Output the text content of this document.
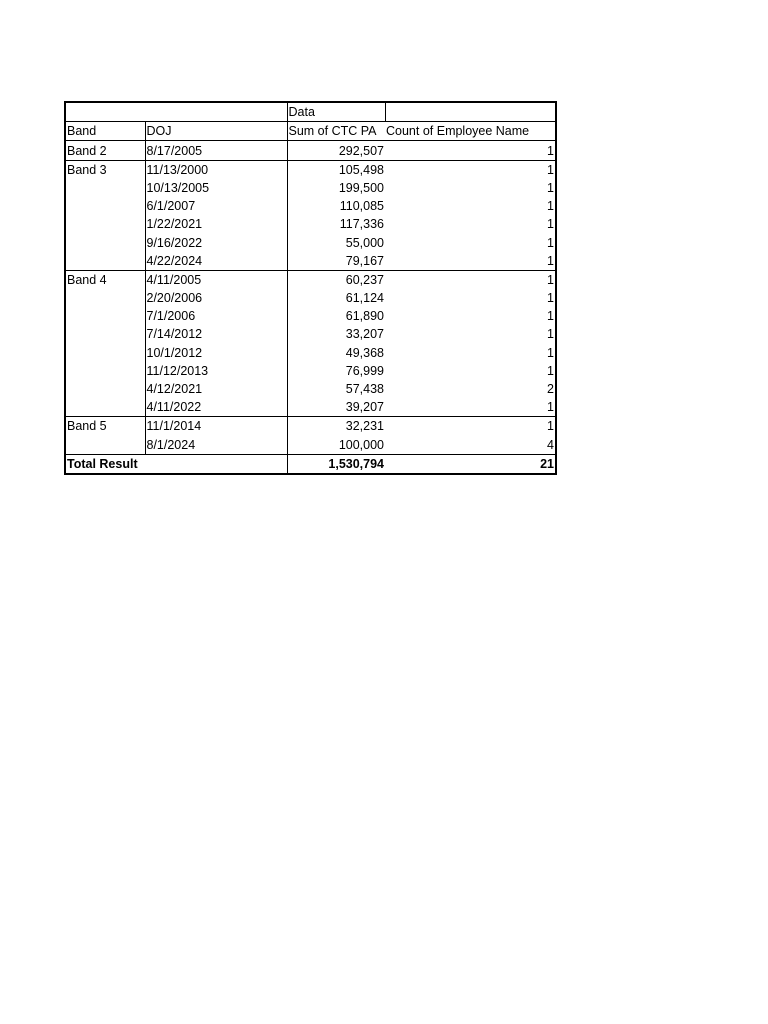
		Data	
Band	DOJ	Sum of CTC PA	Count of Employee Name
Band 2	8/17/2005	292,507	1
Band 3	11/13/2000	105,498	1
	10/13/2005	199,500	1
	6/1/2007	110,085	1
	1/22/2021	117,336	1
	9/16/2022	55,000	1
	4/22/2024	79,167	1
Band 4	4/11/2005	60,237	1
	2/20/2006	61,124	1
	7/1/2006	61,890	1
	7/14/2012	33,207	1
	10/1/2012	49,368	1
	11/12/2013	76,999	1
	4/12/2021	57,438	2
	4/11/2022	39,207	1
Band 5	11/1/2014	32,231	1
	8/1/2024	100,000	4
Total Result		1,530,794	21
